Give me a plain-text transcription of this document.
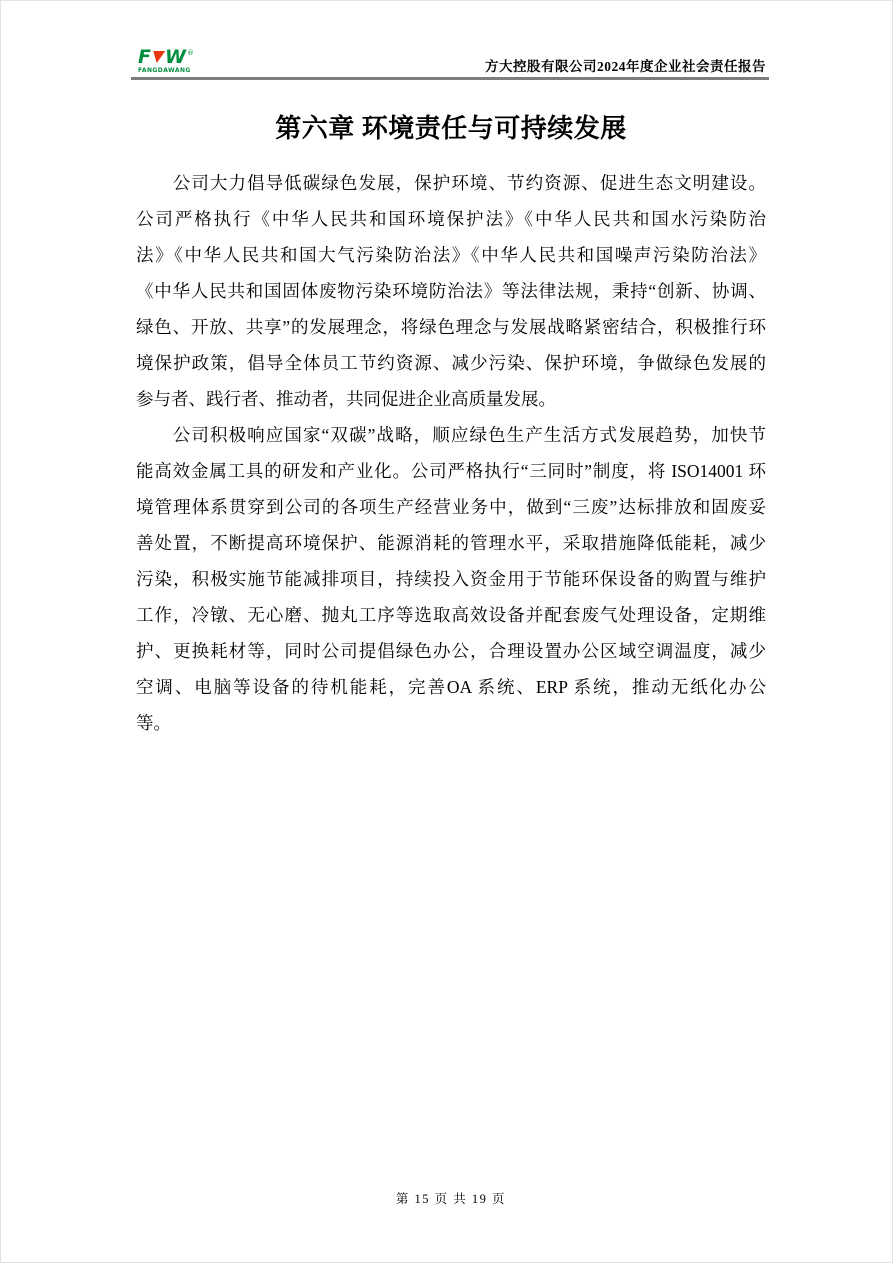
F W ®
FANGDAWANG	方大控股有限公司2024年度企业社会责任报告
第六章 环境责任与可持续发展
公司大力倡导低碳绿色发展，保护环境、节约资源、促进生态文明建设。
公司严格执行《中华人民共和国环境保护法》《中华人民共和国水污染防治
法》《中华人民共和国大气污染防治法》《中华人民共和国噪声污染防治法》
《中华人民共和国固体废物污染环境防治法》等法律法规，秉持“创新、协调、
绿色、开放、共享”的发展理念，将绿色理念与发展战略紧密结合，积极推行环
境保护政策，倡导全体员工节约资源、减少污染、保护环境，争做绿色发展的
参与者、践行者、推动者，共同促进企业高质量发展。
公司积极响应国家“双碳”战略，顺应绿色生产生活方式发展趋势，加快节
能高效金属工具的研发和产业化。公司严格执行“三同时”制度，将 ISO14001 环
境管理体系贯穿到公司的各项生产经营业务中，做到“三废”达标排放和固废妥
善处置，不断提高环境保护、能源消耗的管理水平，采取措施降低能耗，减少
污染，积极实施节能减排项目，持续投入资金用于节能环保设备的购置与维护
工作，冷镦、无心磨、抛丸工序等选取高效设备并配套废气处理设备，定期维
护、更换耗材等，同时公司提倡绿色办公，合理设置办公区域空调温度，减少
空调、电脑等设备的待机能耗，完善OA 系统、ERP 系统，推动无纸化办公
等。
第 15 页 共 19 页
